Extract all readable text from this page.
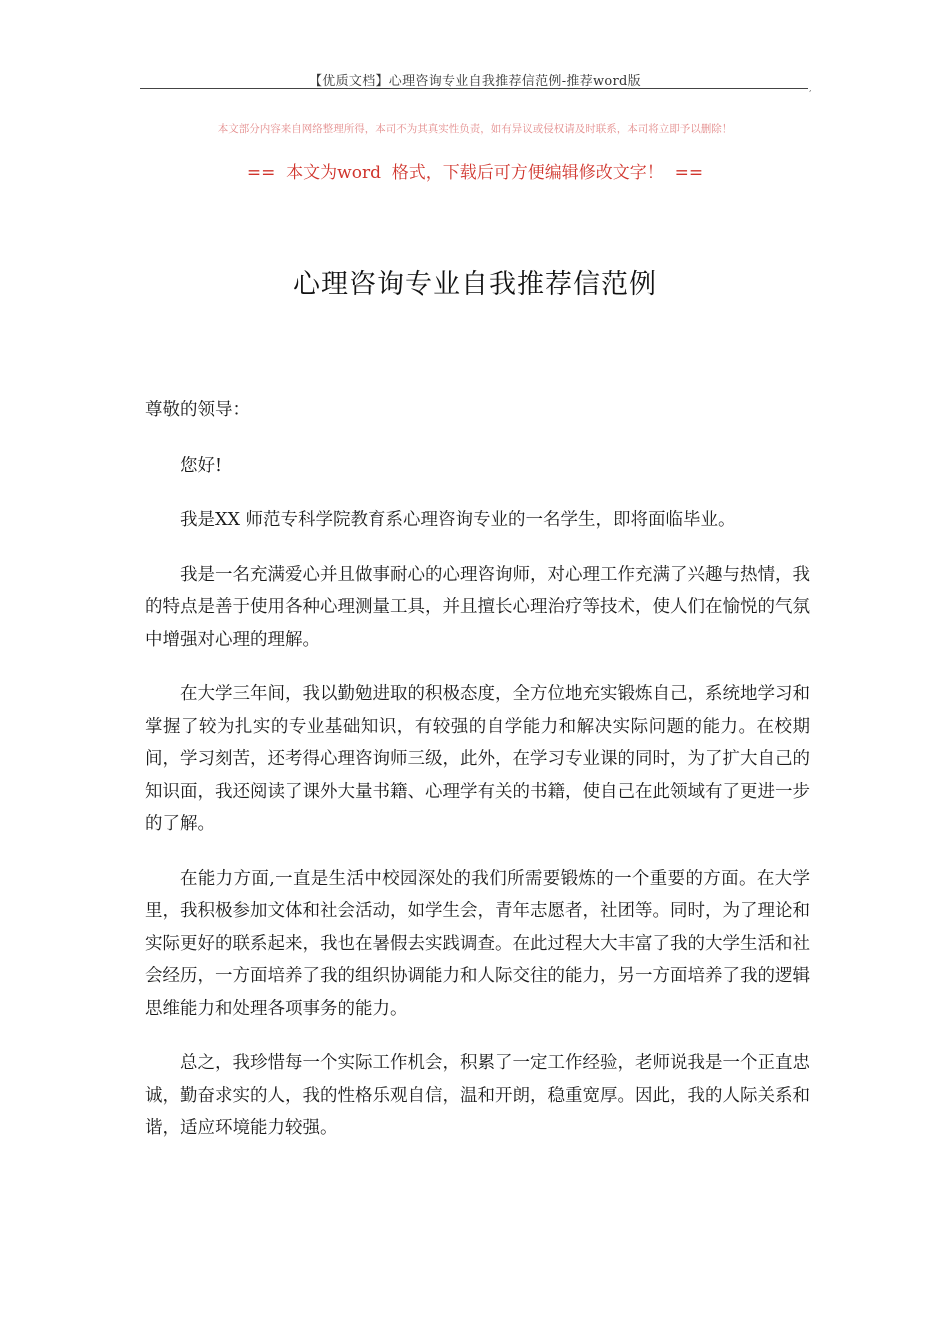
【优质文档】心理咨询专业自我推荐信范例-推荐word版	,
本文部分内容来自网络整理所得，本司不为其真实性负责，如有异议或侵权请及时联系，本司将立即予以删除！
==  本文为word  格式，下载后可方便编辑修改文字！  ==
心理咨询专业自我推荐信范例

尊敬的领导：

您好!

我是XX 师范专科学院教育系心理咨询专业的一名学生，即将面临毕业。

我是一名充满爱心并且做事耐心的心理咨询师，对心理工作充满了兴趣与热情，我的特点是善于使用各种心理测量工具，并且擅长心理治疗等技术，使人们在愉悦的气氛中增强对心理的理解。

在大学三年间，我以勤勉进取的积极态度，全方位地充实锻炼自己，系统地学习和掌握了较为扎实的专业基础知识，有较强的自学能力和解决实际问题的能力。在校期间，学习刻苦，还考得心理咨询师三级，此外，在学习专业课的同时，为了扩大自己的知识面，我还阅读了课外大量书籍、心理学有关的书籍，使自己在此领域有了更进一步的了解。

在能力方面,一直是生活中校园深处的我们所需要锻炼的一个重要的方面。在大学里，我积极参加文体和社会活动，如学生会，青年志愿者，社团等。同时，为了理论和实际更好的联系起来，我也在暑假去实践调查。在此过程大大丰富了我的大学生活和社会经历，一方面培养了我的组织协调能力和人际交往的能力，另一方面培养了我的逻辑思维能力和处理各项事务的能力。

总之，我珍惜每一个实际工作机会，积累了一定工作经验，老师说我是一个正直忠诚，勤奋求实的人，我的性格乐观自信，温和开朗，稳重宽厚。因此，我的人际关系和谐，适应环境能力较强。
